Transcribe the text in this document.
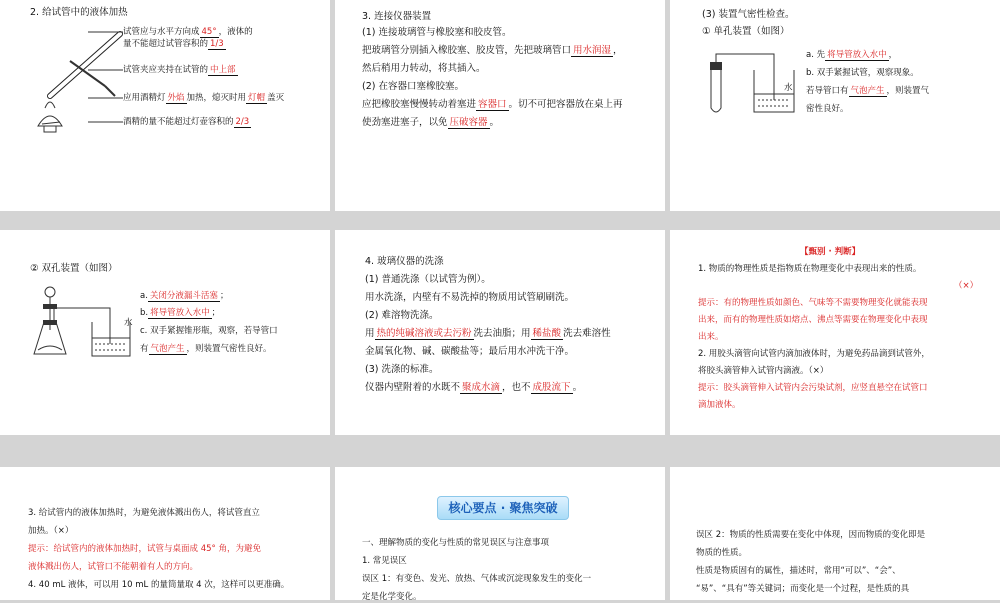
2. 给试管中的液体加热
试管应与水平方向成 45° ，液体的
量不能超过试管容积的 1/3
试管夹应夹持在试管的 中上部
应用酒精灯 外焰 加热，熄灭时用 灯帽 盖灭
酒精的量不能超过灯壶容积的 2/3
3. 连接仪器装置
(1) 连接玻璃管与橡胶塞和胶皮管。
把玻璃管分别插入橡胶塞、胶皮管，先把玻璃管口 用水润湿 ，
然后稍用力转动，将其插入。
(2) 在容器口塞橡胶塞。
应把橡胶塞慢慢转动着塞进 容器口 。切不可把容器放在桌上再
使劲塞进塞子，以免 压破容器 。
(3) 装置气密性检查。
① 单孔装置（如图）
水
a. 先 将导管放入水中 ，
b. 双手紧握试管，观察现象。
若导管口有 气泡产生 ，则装置气
密性良好。
② 双孔装置（如图）
水
a. 关闭分液漏斗活塞 ；
b. 将导管放入水中 ；
c. 双手紧握锥形瓶，观察，若导管口
有 气泡产生 ，则装置气密性良好。
4. 玻璃仪器的洗涤
(1) 普通洗涤（以试管为例）。
用水洗涤，内壁有不易洗掉的物质用试管刷刷洗。
(2) 难溶物洗涤。
用 热的纯碱溶液或去污粉 洗去油脂；用 稀盐酸 洗去难溶性
金属氧化物、碱、碳酸盐等；最后用水冲洗干净。
(3) 洗涤的标准。
仪器内壁附着的水既不 聚成水滴 ，也不 成股流下 。
【甄别 · 判断】
1. 物质的物理性质是指物质在物理变化中表现出来的性质。
（×）
提示：有的物理性质如颜色、气味等不需要物理变化就能表现
出来，而有的物理性质如熔点、沸点等需要在物理变化中表现
出来。
2. 用胶头滴管向试管内滴加液体时，为避免药品滴到试管外，
将胶头滴管伸入试管内滴液。（×）
提示：胶头滴管伸入试管内会污染试剂，应竖直悬空在试管口
滴加液体。
3. 给试管内的液体加热时，为避免液体溅出伤人，将试管直立
加热。（×）
提示：给试管内的液体加热时，试管与桌面成 45° 角，为避免
液体溅出伤人，试管口不能朝着有人的方向。
4. 40 mL 液体，可以用 10 mL 的量筒量取 4 次，这样可以更准确。
核心要点 · 聚焦突破
一、理解物质的变化与性质的常见误区与注意事项
1. 常见误区
误区 1：有变色、发光、放热、气体或沉淀现象发生的变化一
定是化学变化。
误区 2：物质的性质需要在变化中体现，因而物质的变化即是
物质的性质。
性质是物质固有的属性，描述时，常用“可以”、“会”、
“易”、“具有”等关键词；而变化是一个过程，是性质的具
